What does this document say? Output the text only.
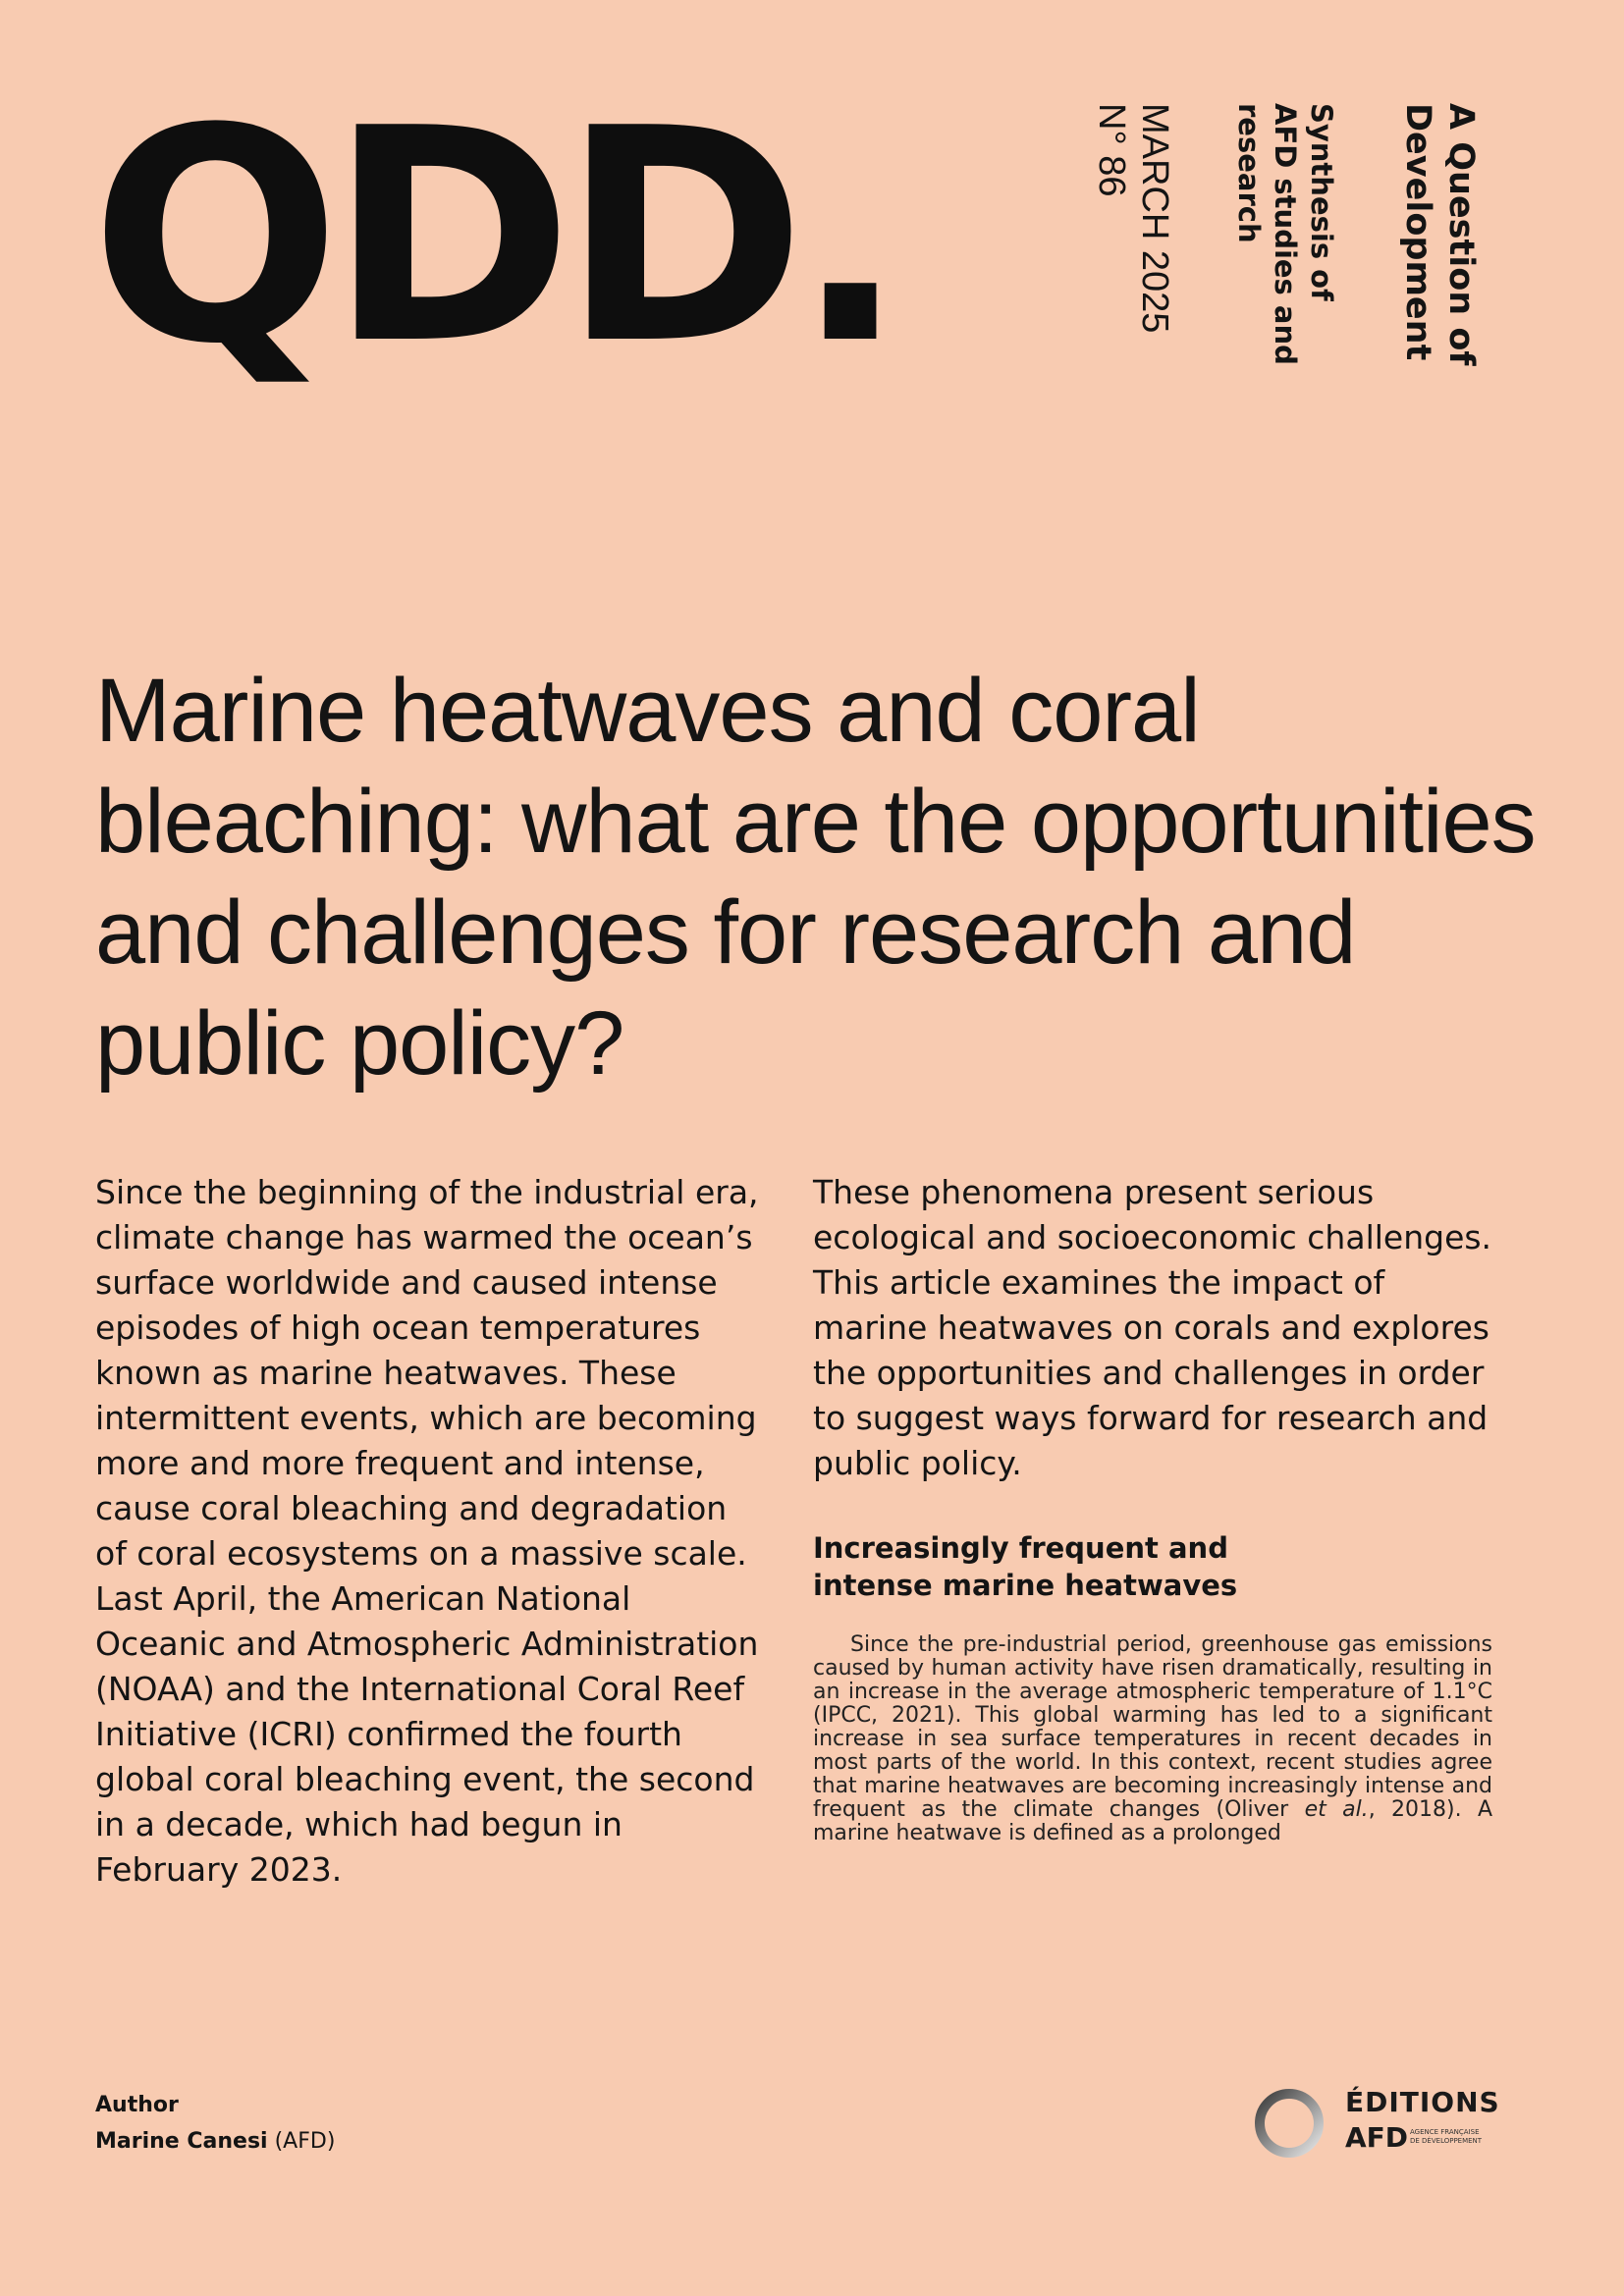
QDD.	A Question of
Development
Synthesis of
AFD studies and
research
MARCH 2025
N° 86
Marine heatwaves and coral bleaching: what are the opportunities and challenges for research and public policy?

Since the beginning of the industrial era, climate change has warmed the ocean’s surface worldwide and caused intense episodes of high ocean temperatures known as marine heatwaves. These intermittent events, which are becoming more and more frequent and intense, cause coral bleaching and degradation of coral ecosystems on a massive scale. Last April, the American National Oceanic and Atmospheric Administration (NOAA) and the International Coral Reef Initiative (ICRI) confirmed the fourth global coral bleaching event, the second in a decade, which had begun in February 2023.

These phenomena present serious ecological and socioeconomic challenges. This article examines the impact of marine heatwaves on corals and explores the opportunities and challenges in order to suggest ways forward for research and public policy.

Increasingly frequent and
intense marine heatwaves

Since the pre-industrial period, greenhouse gas emissions caused by human activity have risen dramatically, resulting in an increase in the average atmospheric temperature of 1.1°C (IPCC, 2021). This global warming has led to a significant increase in sea surface temperatures in recent decades in most parts of the world. In this context, recent studies agree that marine heatwaves are becoming increasingly intense and frequent as the climate changes (Oliver et al., 2018). A marine heatwave is defined as a prolonged

Author
Marine Canesi (AFD)
ÉDITIONS
AFD AGENCE FRANÇAISE
DE DÉVELOPPEMENT
